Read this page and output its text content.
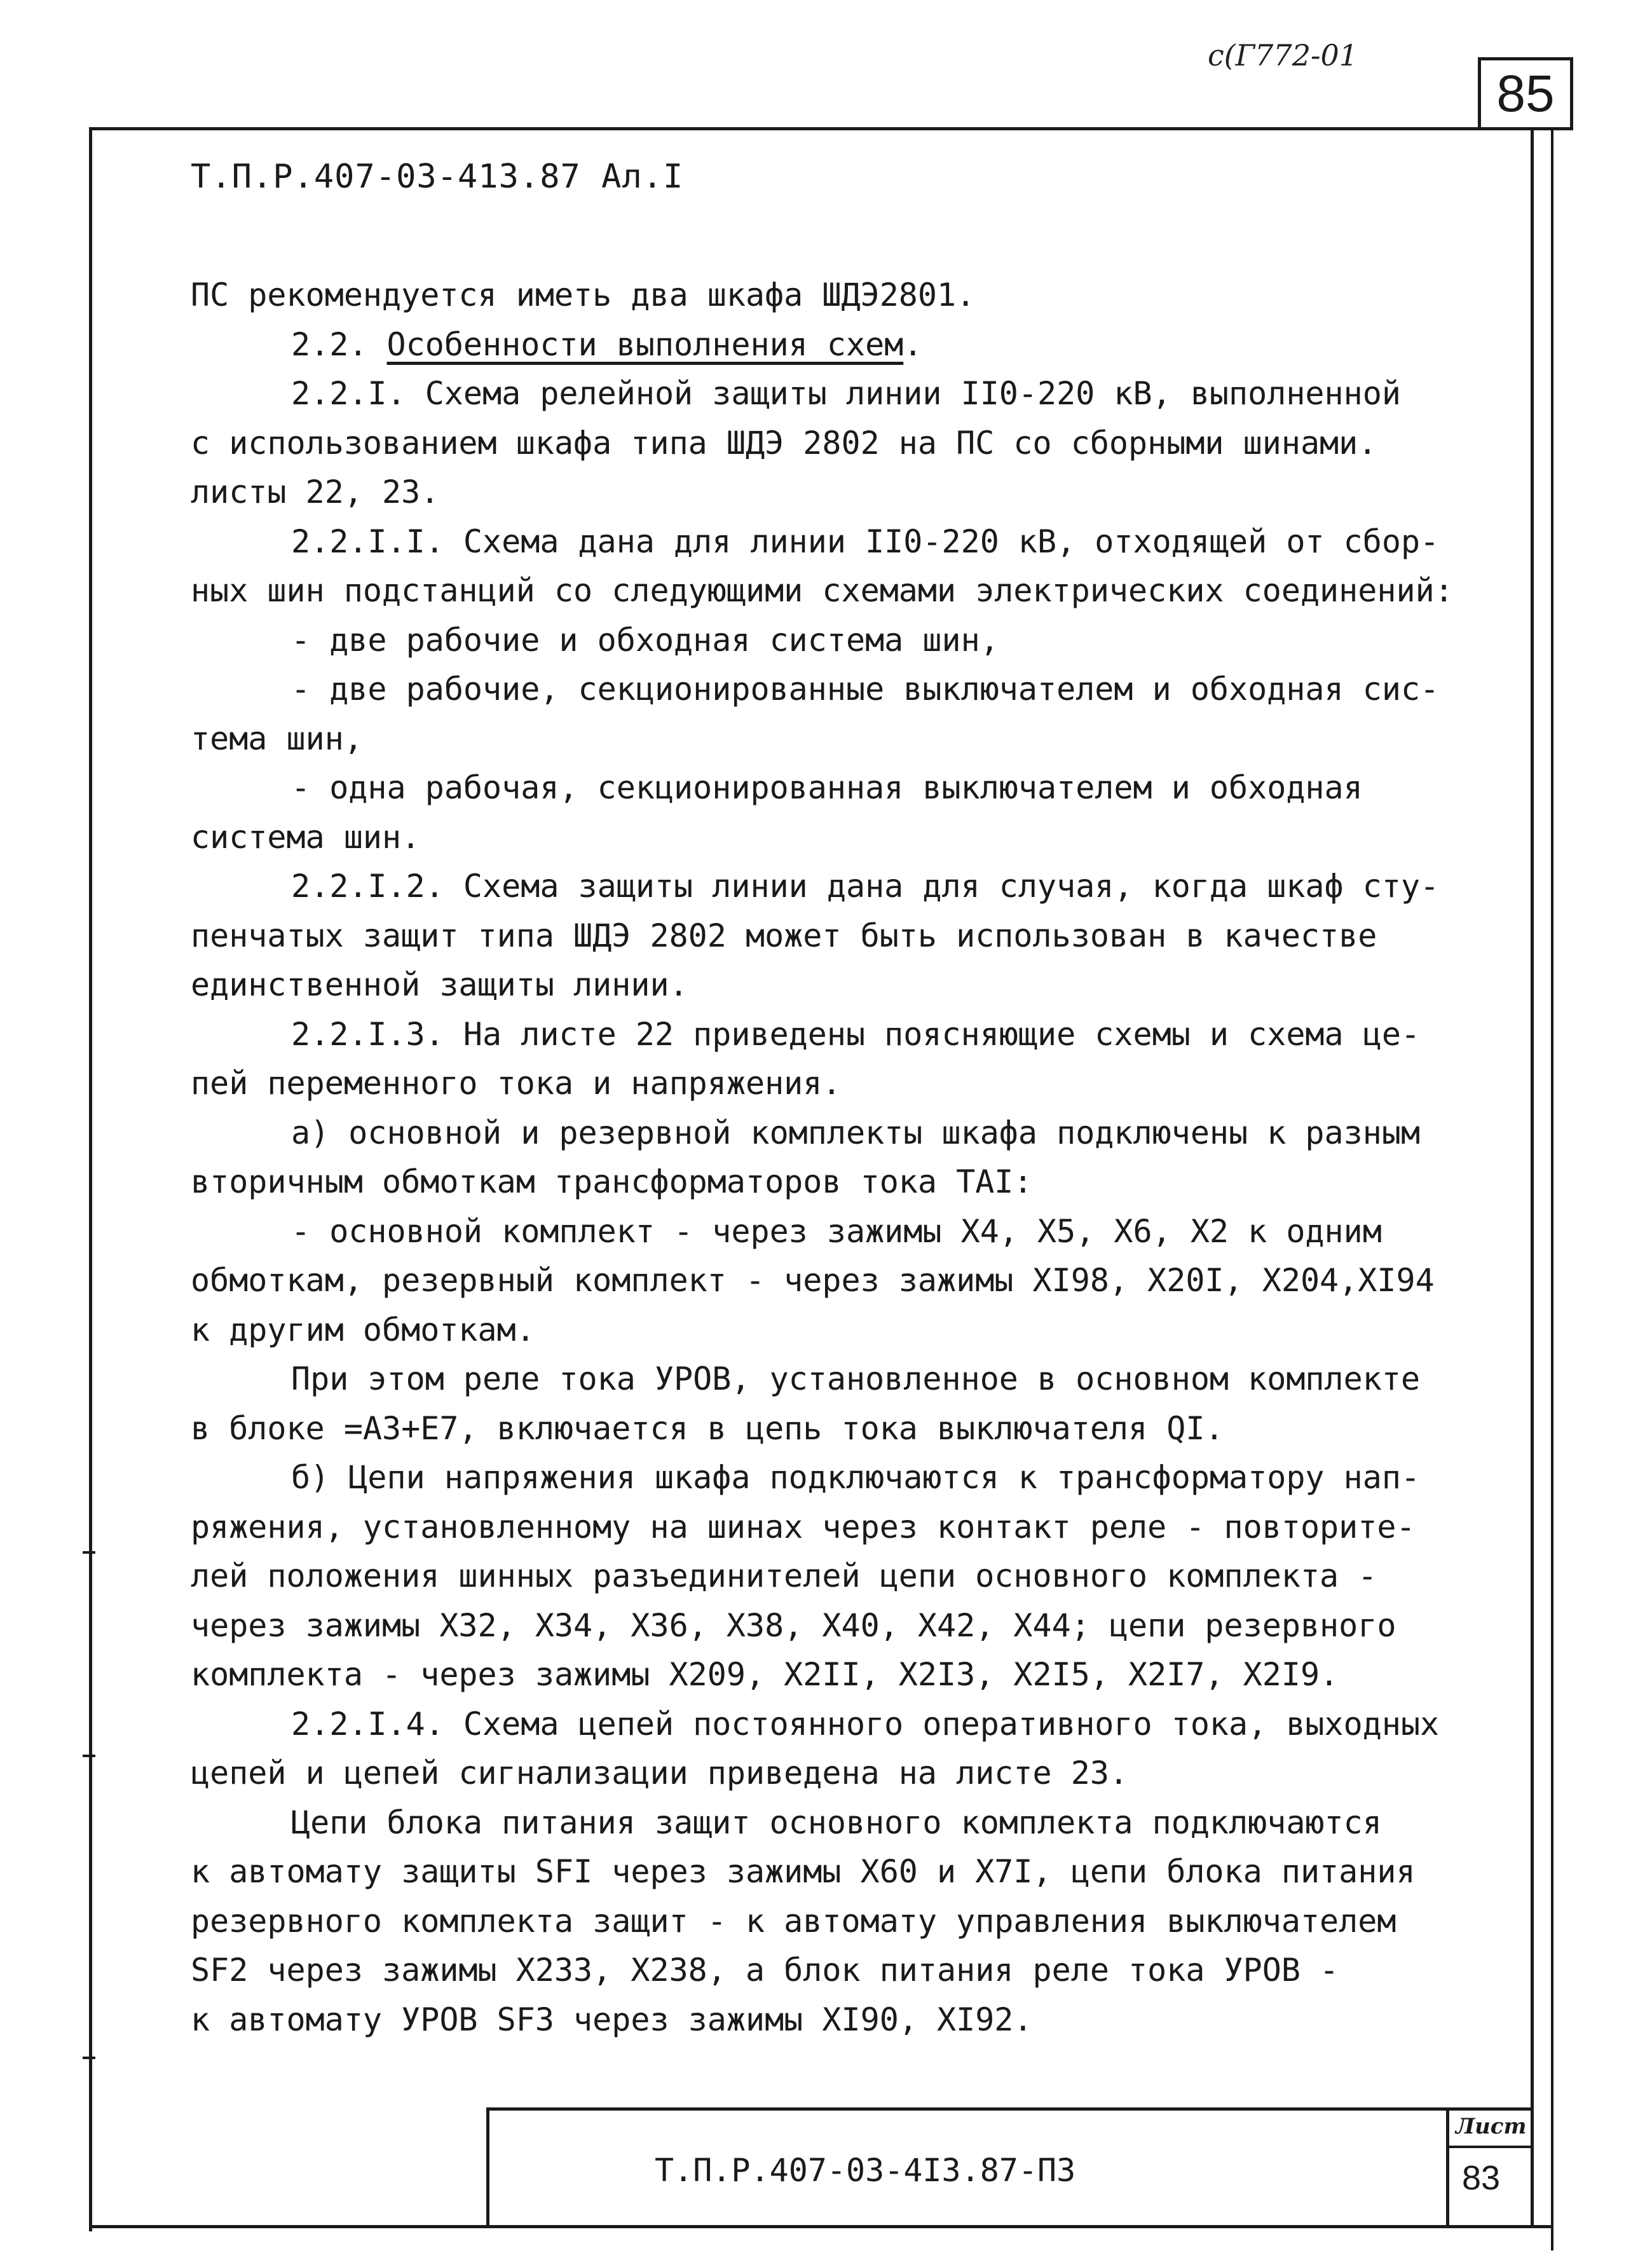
с(Г772-01
85
Т.П.Р.407-03-413.87 Ал.I

ПС рекомендуется иметь два шкафа ШДЭ2801.

2.2. Особенности выполнения схем.

2.2.I. Схема релейной защиты линии II0-220 кВ, выполненной

с использованием шкафа типа ШДЭ 2802 на ПС со сборными шинами.

листы 22, 23.

2.2.I.I. Схема дана для линии II0-220 кВ, отходящей от сбор-

ных шин подстанций со следующими схемами электрических соединений:

- две рабочие и обходная система шин,

- две рабочие, секционированные выключателем и обходная сис-

тема шин,

- одна рабочая, секционированная выключателем и обходная

система шин.

2.2.I.2. Схема защиты линии дана для случая, когда шкаф сту-

пенчатых защит типа ШДЭ 2802 может быть использован в качестве

единственной защиты линии.

2.2.I.3. На листе 22 приведены поясняющие схемы и схема це-

пей переменного тока и напряжения.

а) основной и резервной комплекты шкафа подключены к разным

вторичным обмоткам трансформаторов тока ТАI:

- основной комплект - через зажимы Х4, Х5, Х6, Х2 к одним

обмоткам, резервный комплект - через зажимы XI98, X20I, X204,XI94

к другим обмоткам.

При этом реле тока УРОВ, установленное в основном комплекте

в блоке =А3+Е7, включается в цепь тока выключателя QI.

б) Цепи напряжения шкафа подключаются к трансформатору нап-

ряжения, установленному на шинах через контакт реле - повторите-

лей положения шинных разъединителей цепи основного комплекта -

через зажимы Х32, Х34, Х36, Х38, Х40, Х42, Х44; цепи резервного

комплекта - через зажимы Х209, Х2II, Х2I3, Х2I5, Х2I7, Х2I9.

2.2.I.4. Схема цепей постоянного оперативного тока, выходных

цепей и цепей сигнализации приведена на листе 23.

Цепи блока питания защит основного комплекта подключаются

к автомату защиты SFI через зажимы Х60 и Х7I, цепи блока питания

резервного комплекта защит - к автомату управления выключателем

SF2 через зажимы Х233, Х238, а блок питания реле тока УРОВ -

к автомату УРОВ SF3 через зажимы XI90, XI92.

Т.П.Р.407-03-4I3.87-ПЗ
Лист
83
